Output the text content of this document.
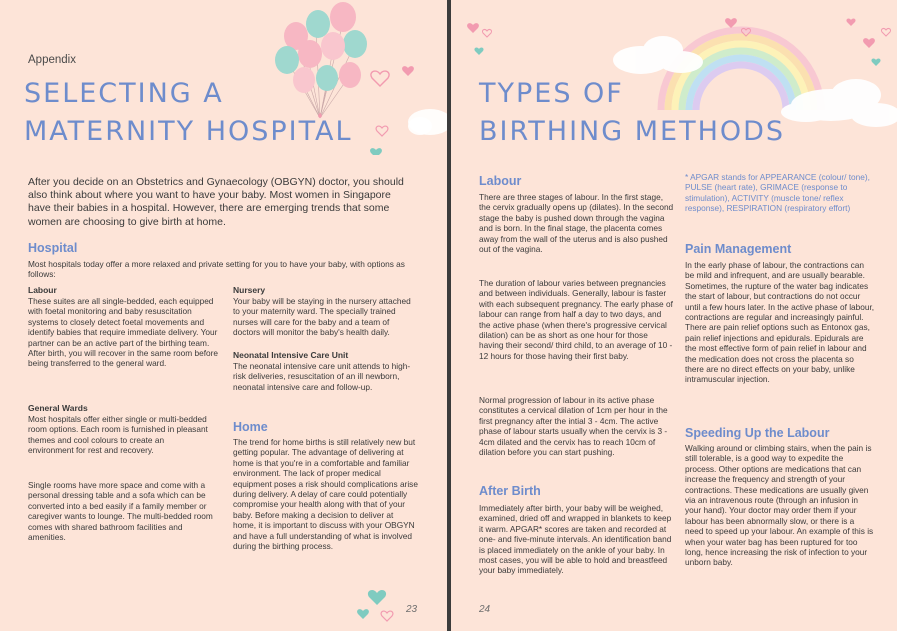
Appendix
SELECTING A
MATERNITY HOSPITAL

After you decide on an Obstetrics and Gynaecology (OBGYN) doctor, you should also think about where you want to have your baby. Most women in Singapore have their babies in a hospital. However, there are emerging trends that some women are choosing to give birth at home.

Hospital

Most hospitals today offer a more relaxed and private setting for you to have your baby, with options as follows:

Labour

These suites are all single-bedded, each equipped with foetal monitoring and baby resuscitation systems to closely detect foetal movements and identify babies that require immediate delivery. Your partner can be an active part of the birthing team. After birth, you will recover in the same room before being transferred to the general ward.

General Wards

Most hospitals offer either single or multi-bedded room options. Each room is furnished in pleasant themes and cool colours to create an environment for rest and recovery.

Single rooms have more space and come with a personal dressing table and a sofa which can be converted into a bed easily if a family member or caregiver wants to lounge. The multi-bedded room comes with shared bathroom facilities and amenities.

Nursery

Your baby will be staying in the nursery attached to your maternity ward. The specially trained nurses will care for the baby and a team of doctors will monitor the baby's health daily.

Neonatal Intensive Care Unit

The neonatal intensive care unit attends to high-risk deliveries, resuscitation of an ill newborn, neonatal intensive care and follow-up.

Home

The trend for home births is still relatively new but getting popular. The advantage of delivering at home is that you're in a comfortable and familiar environment. The lack of proper medical equipment poses a risk should complications arise during delivery. A delay of care could potentially compromise your health along with that of your baby. Before making a decision to deliver at home, it is important to discuss with your OBGYN and have a full understanding of what is involved during the birthing process.

23
TYPES OF
BIRTHING METHODS
Labour

There are three stages of labour. In the first stage, the cervix gradually opens up (dilates). In the second stage the baby is pushed down through the vagina and is born. In the final stage, the placenta comes away from the wall of the uterus and is also pushed out of the vagina.

The duration of labour varies between pregnancies and between individuals. Generally, labour is faster with each subsequent pregnancy. The early phase of labour can range from half a day to two days, and the active phase (when there's progressive cervical dilation) can be as short as one hour for those having their second/ third child, to an average of 10 - 12 hours for those having their first baby.

Normal progression of labour in its active phase constitutes a cervical dilation of 1cm per hour in the first pregnancy after the intial 3 - 4cm. The active phase of labour starts usually when the cervix is 3 - 4cm dilated and the cervix has to reach 10cm of dilation before you can start pushing.

After Birth

Immediately after birth, your baby will be weighed, examined, dried off and wrapped in blankets to keep it warm. APGAR* scores are taken and recorded at one- and five-minute intervals. An identification band is placed immediately on the ankle of your baby. In most cases, you will be able to hold and breastfeed your baby immediately.

* APGAR stands for APPEARANCE (colour/ tone), PULSE (heart rate), GRIMACE (response to stimulation), ACTIVITY (muscle tone/ reflex response), RESPIRATION (respiratory effort)

Pain Management

In the early phase of labour, the contractions can be mild and infrequent, and are usually bearable. Sometimes, the rupture of the water bag indicates the start of labour, but contractions do not occur until a few hours later. In the active phase of labour, contractions are regular and increasingly painful. There are pain relief options such as Entonox gas, pain relief injections and epidurals. Epidurals are the most effective form of pain relief in labour and the medication does not cross the placenta so there are no direct effects on your baby, unlike intramuscular injection.

Speeding Up the Labour

Walking around or climbing stairs, when the pain is still tolerable, is a good way to expedite the process. Other options are medications that can increase the frequency and strength of your contractions. These medications are usually given via an intravenous route (through an infusion in your hand). Your doctor may order them if your labour has been abnormally slow, or there is a need to speed up your labour. An example of this is when your water bag has been ruptured for too long, hence increasing the risk of infection to your unborn baby.

24
